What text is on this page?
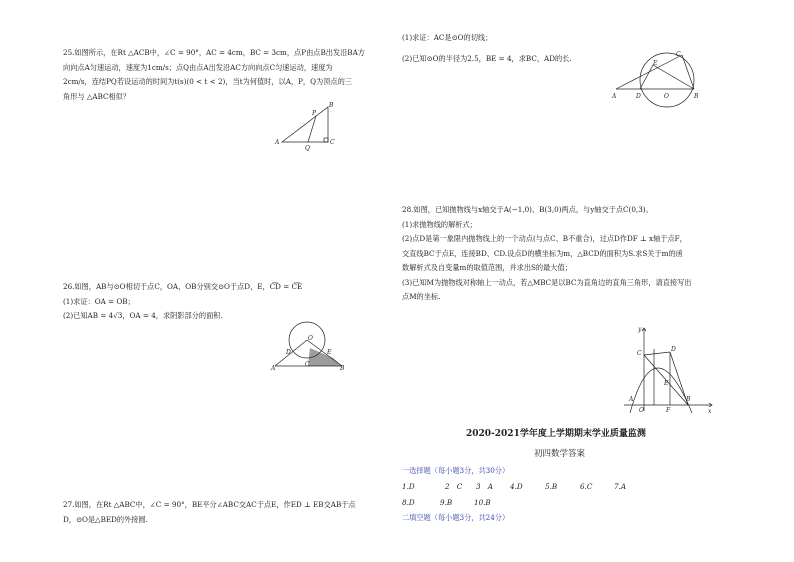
25.如图所示，在Rt △ACB中，∠C = 90°，AC = 4cm，BC = 3cm，点P由点B出发沿BA方

向向点A匀速运动，速度为1cm/s；点Q由点A出发沿AC方向向点C匀速运动，速度为

2cm/s，连结PQ若设运动的时间为t(s)(0 < t < 2)，当t为何值时，以A，P，Q为顶点的三

角形与 △ABC相似？

A
B
C
P
Q

26.如图，AB与⊙O相切于点C，OA，OB分别交⊙O于点D，E，C͡D = C͡E

(1)求证：OA = OB；

(2)已知AB = 4√3，OA = 4，求阴影部分的面积.

A	B
C
D	E
O

27.如图，在Rt △ABC中，∠C = 90°，BE平分∠ABC交AC于点E，作ED ⊥ EB交AB于点

D，⊙O是△BED的外接圆.

(1)求证：AC是⊙O的切线；

(2)已知⊙O的半径为2.5，BE = 4，求BC，AD的长.

A	B
C
D
E
O

28.如图，已知抛物线与x轴交于A(−1,0)、B(3,0)两点，与y轴交于点C(0,3)。

(1)求抛物线的解析式；

(2)点D是第一象限内抛物线上的一个动点(与点C、B不重合)，过点D作DF ⊥ x轴于点F，

交直线BC于点E，连接BD、CD.设点D的横坐标为m，△BCD的面积为S.求S关于m的函

数解析式及自变量m的取值范围，并求出S的最大值；

(3)已知M为抛物线对称轴上一动点，若△MBC是以BC为直角边的直角三角形，请直接写出

点M的坐标.

y
x
A	B
C
D
E
F
O
2020-2021学年度上学期期末学业质量监测
初四数学答案
一选择题（每小题3分，共30分）
1.D	2　C 3　A 4.D	5.B	6.C	7.A
8.D	9.B	10.B
二填空题（每小题3分，共24分）
